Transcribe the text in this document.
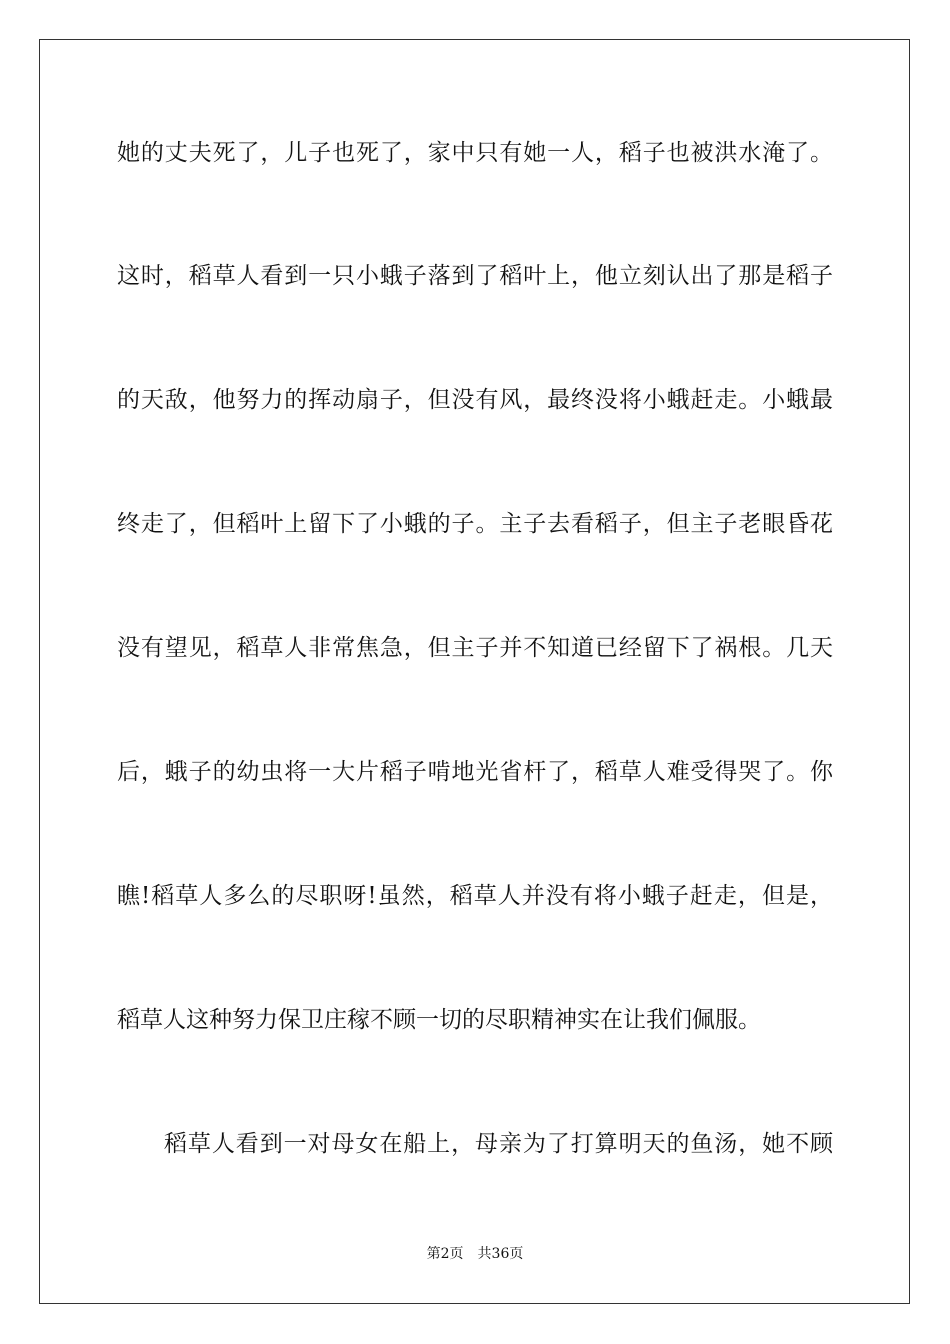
她的丈夫死了，儿子也死了，家中只有她一人，稻子也被洪水淹了。
这时，稻草人看到一只小蛾子落到了稻叶上，他立刻认出了那是稻子
的天敌，他努力的挥动扇子，但没有风，最终没将小蛾赶走。小蛾最
终走了，但稻叶上留下了小蛾的子。主子去看稻子，但主子老眼昏花
没有望见，稻草人非常焦急，但主子并不知道已经留下了祸根。几天
后，蛾子的幼虫将一大片稻子啃地光省杆了，稻草人难受得哭了。你
瞧!稻草人多么的尽职呀!虽然，稻草人并没有将小蛾子赶走，但是，
稻草人这种努力保卫庄稼不顾一切的尽职精神实在让我们佩服。
稻草人看到一对母女在船上，母亲为了打算明天的鱼汤，她不顾
第2页 共36页
